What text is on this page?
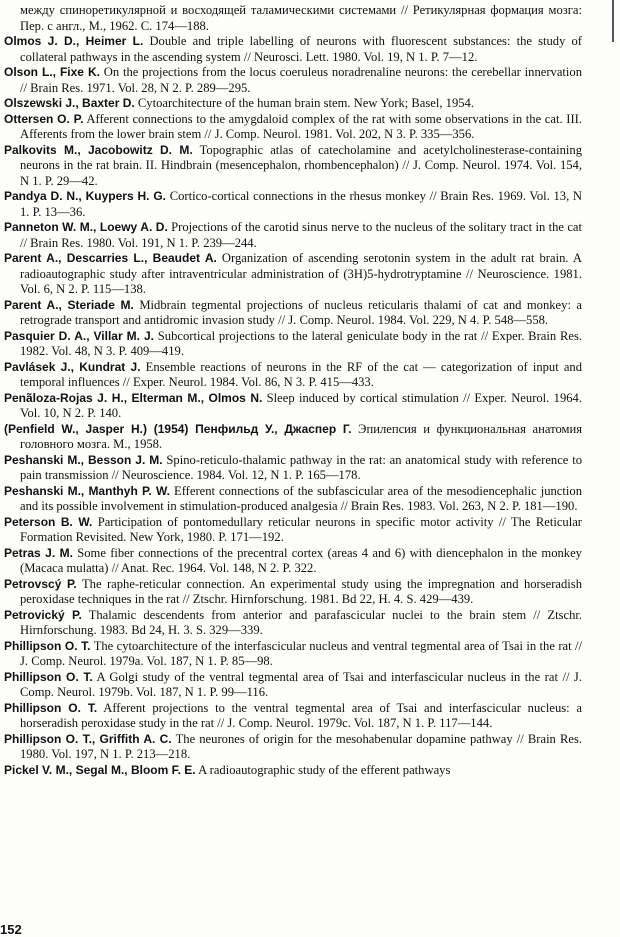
между спиноретикулярной и восходящей таламическими системами // Ретикулярная формация мозга: Пер. с англ., М., 1962. С. 174—188.

Olmos J. D., Heimer L. Double and triple labelling of neurons with fluorescent substances: the study of collateral pathways in the ascending system // Neurosci. Lett. 1980. Vol. 19, N 1. P. 7—12.

Olson L., Fixe K. On the projections from the locus coeruleus noradrenaline neurons: the cerebellar innervation // Brain Res. 1971. Vol. 28, N 2. P. 289—295.

Olszewski J., Baxter D. Cytoarchitecture of the human brain stem. New York; Basel, 1954.

Ottersen O. P. Afferent connections to the amygdaloid complex of the rat with some observations in the cat. III. Afferents from the lower brain stem // J. Comp. Neurol. 1981. Vol. 202, N 3. P. 335—356.

Palkovits M., Jacobowitz D. M. Topographic atlas of catecholamine and acetylcholinesterase-containing neurons in the rat brain. II. Hindbrain (mesencephalon, rhombencephalon) // J. Comp. Neurol. 1974. Vol. 154, N 1. P. 29—42.

Pandya D. N., Kuypers H. G. Cortico-cortical connections in the rhesus monkey // Brain Res. 1969. Vol. 13, N 1. P. 13—36.

Panneton W. M., Loewy A. D. Projections of the carotid sinus nerve to the nucleus of the solitary tract in the cat // Brain Res. 1980. Vol. 191, N 1. P. 239—244.

Parent A., Descarries L., Beaudet A. Organization of ascending serotonin system in the adult rat brain. A radioautographic study after intraventricular administration of (3H)5-hydrotryptamine // Neuroscience. 1981. Vol. 6, N 2. P. 115—138.

Parent A., Steriade M. Midbrain tegmental projections of nucleus reticularis thalami of cat and monkey: a retrograde transport and antidromic invasion study // J. Comp. Neurol. 1984. Vol. 229, N 4. P. 548—558.

Pasquier D. A., Villar M. J. Subcortical projections to the lateral geniculate body in the rat // Exper. Brain Res. 1982. Vol. 48, N 3. P. 409—419.

Pavlásek J., Kundrat J. Ensemble reactions of neurons in the RF of the cat — categorization of input and temporal influences // Exper. Neurol. 1984. Vol. 86, N 3. P. 415—433.

Penãloza-Rojas J. H., Elterman M., Olmos N. Sleep induced by cortical stimulation // Exper. Neurol. 1964. Vol. 10, N 2. P. 140.

(Penfield W., Jasper H.) (1954) Пенфильд У., Джаспер Г. Эпилепсия и функциональная анатомия головного мозга. М., 1958.

Peshanski M., Besson J. M. Spino-reticulo-thalamic pathway in the rat: an anatomical study with reference to pain transmission // Neuroscience. 1984. Vol. 12, N 1. P. 165—178.

Peshanski M., Manthyh P. W. Efferent connections of the subfascicular area of the mesodiencephalic junction and its possible involvement in stimulation-produced analgesia // Brain Res. 1983. Vol. 263, N 2. P. 181—190.

Peterson B. W. Participation of pontomedullary reticular neurons in specific motor activity // The Reticular Formation Revisited. New York, 1980. P. 171—192.

Petras J. M. Some fiber connections of the precentral cortex (areas 4 and 6) with diencephalon in the monkey (Macaca mulatta) // Anat. Rec. 1964. Vol. 148, N 2. P. 322.

Petrovscý P. The raphe-reticular connection. An experimental study using the impregnation and horseradish peroxidase techniques in the rat // Ztschr. Hirnforschung. 1981. Bd 22, H. 4. S. 429—439.

Petrovický P. Thalamic descendents from anterior and parafascicular nuclei to the brain stem // Ztschr. Hirnforschung. 1983. Bd 24, H. 3. S. 329—339.

Phillipson O. T. The cytoarchitecture of the interfascicular nucleus and ventral tegmental area of Tsai in the rat // J. Comp. Neurol. 1979a. Vol. 187, N 1. P. 85—98.

Phillipson O. T. A Golgi study of the ventral tegmental area of Tsai and interfascicular nucleus in the rat // J. Comp. Neurol. 1979b. Vol. 187, N 1. P. 99—116.

Phillipson O. T. Afferent projections to the ventral tegmental area of Tsai and interfascicular nucleus: a horseradish peroxidase study in the rat // J. Comp. Neurol. 1979c. Vol. 187, N 1. P. 117—144.

Phillipson O. T., Griffith A. C. The neurones of origin for the mesohabenular dopamine pathway // Brain Res. 1980. Vol. 197, N 1. P. 213—218.

Pickel V. M., Segal M., Bloom F. E. A radioautographic study of the efferent pathways

152
